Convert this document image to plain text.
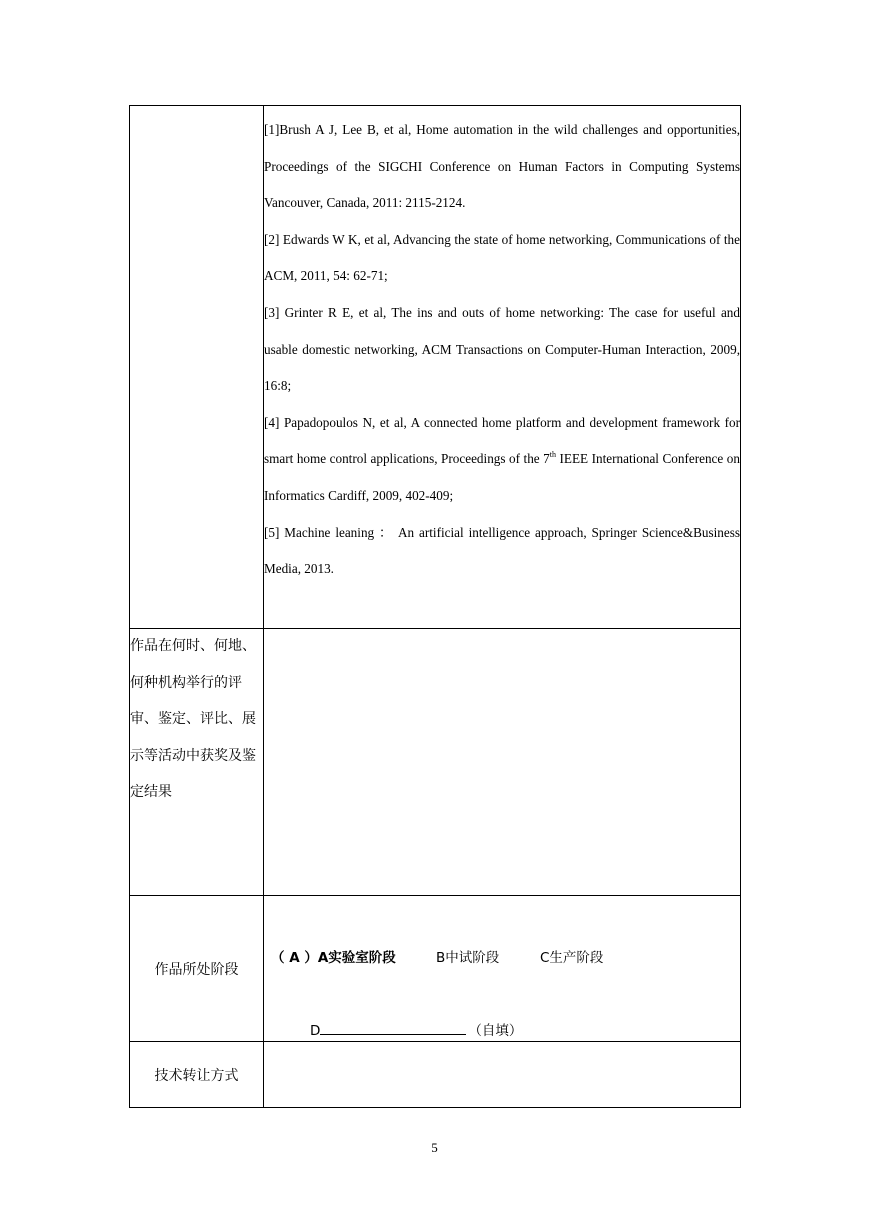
	[1]Brush A J, Lee B, et al, Home automation in the wild challenges and opportunities, Proceedings of the SIGCHI Conference on Human Factors in Computing Systems Vancouver, Canada, 2011: 2115-2124.
[2] Edwards W K, et al, Advancing the state of home networking, Communications of the ACM, 2011, 54: 62-71;
[3] Grinter R E, et al, The ins and outs of home networking: The case for useful and usable domestic networking, ACM Transactions on Computer-Human Interaction, 2009, 16:8;
[4] Papadopoulos N, et al, A connected home platform and development framework for smart home control applications, Proceedings of the 7th IEEE International Conference on Informatics Cardiff, 2009, 402-409;
[5] Machine leaning ： An artificial intelligence approach, Springer Science&Business Media, 2013.

作品在何时、何地、何种机构举行的评审、鉴定、评比、展示等活动中获奖及鉴定结果	
作品所处阶段	（ A ）A实验室阶段 B中试阶段 C生产阶段
D （自填）

技术转让方式	
5
